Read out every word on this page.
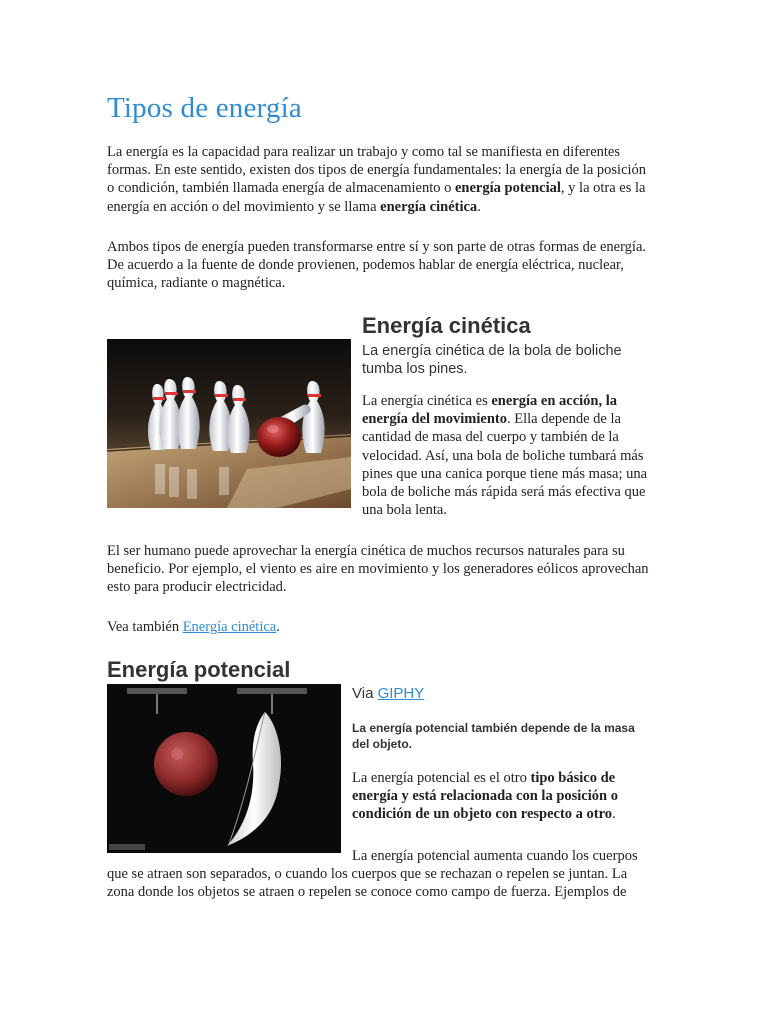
Tipos de energía

La energía es la capacidad para realizar un trabajo y como tal se manifiesta en diferentes formas. En este sentido, existen dos tipos de energía fundamentales: la energía de la posición o condición, también llamada energía de almacenamiento o energía potencial, y la otra es la energía en acción o del movimiento y se llama energía cinética.

Ambos tipos de energía pueden transformarse entre sí y son parte de otras formas de energía. De acuerdo a la fuente de donde provienen, podemos hablar de energía eléctrica, nuclear, química, radiante o magnética.

Energía cinética

La energía cinética de la bola de boliche tumba los pines.

La energía cinética es energía en acción, la energía del movimiento. Ella depende de la cantidad de masa del cuerpo y también de la velocidad. Así, una bola de boliche tumbará más pines que una canica porque tiene más masa; una bola de boliche más rápida será más efectiva que una bola lenta.

El ser humano puede aprovechar la energía cinética de muchos recursos naturales para su beneficio. Por ejemplo, el viento es aire en movimiento y los generadores eólicos aprovechan esto para producir electricidad.

Vea también Energía cinética.

Energía potencial

Via GIPHY

La energía potencial también depende de la masa del objeto.

La energía potencial es el otro tipo básico de energía y está relacionada con la posición o condición de un objeto con respecto a otro.

La energía potencial aumenta cuando los cuerpos

que se atraen son separados, o cuando los cuerpos que se rechazan o repelen se juntan. La zona donde los objetos se atraen o repelen se conoce como campo de fuerza. Ejemplos de
